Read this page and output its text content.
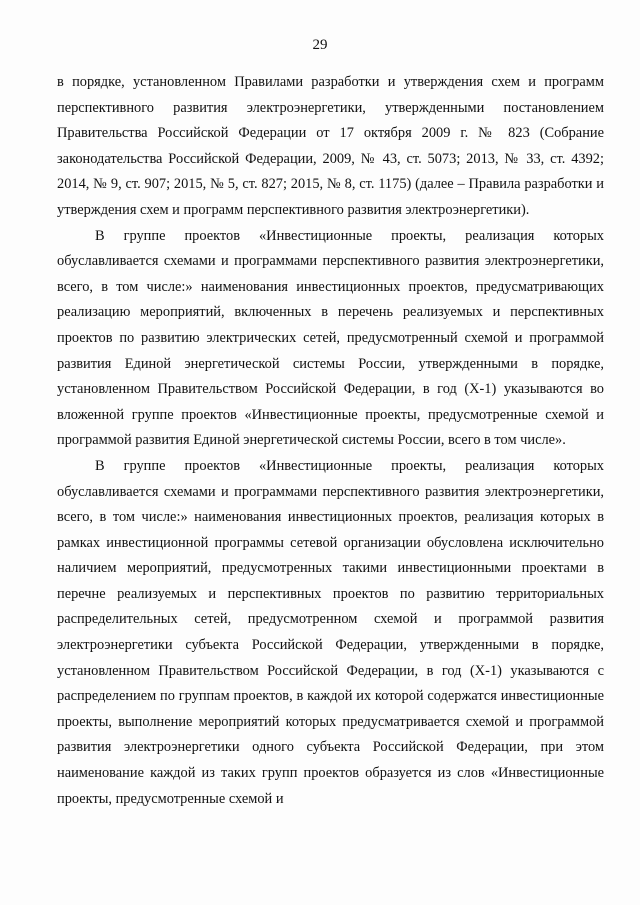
29

в порядке, установленном Правилами разработки и утверждения схем и программ перспективного развития электроэнергетики, утвержденными постановлением Правительства Российской Федерации от 17 октября 2009 г. № 823 (Собрание законодательства Российской Федерации, 2009, № 43, ст. 5073; 2013, № 33, ст. 4392; 2014, № 9, ст. 907; 2015, № 5, ст. 827; 2015, № 8, ст. 1175) (далее – Правила разработки и утверждения схем и программ перспективного развития электроэнергетики).

В группе проектов «Инвестиционные проекты, реализация которых обуславливается схемами и программами перспективного развития электроэнергетики, всего, в том числе:» наименования инвестиционных проектов, предусматривающих реализацию мероприятий, включенных в перечень реализуемых и перспективных проектов по развитию электрических сетей, предусмотренный схемой и программой развития Единой энергетической системы России, утвержденными в порядке, установленном Правительством Российской Федерации, в год (Х-1) указываются во вложенной группе проектов «Инвестиционные проекты, предусмотренные схемой и программой развития Единой энергетической системы России, всего в том числе».

В группе проектов «Инвестиционные проекты, реализация которых обуславливается схемами и программами перспективного развития электроэнергетики, всего, в том числе:» наименования инвестиционных проектов, реализация которых в рамках инвестиционной программы сетевой организации обусловлена исключительно наличием мероприятий, предусмотренных такими инвестиционными проектами в перечне реализуемых и перспективных проектов по развитию территориальных распределительных сетей, предусмотренном схемой и программой развития электроэнергетики субъекта Российской Федерации, утвержденными в порядке, установленном Правительством Российской Федерации, в год (Х-1) указываются с распределением по группам проектов, в каждой их которой содержатся инвестиционные проекты, выполнение мероприятий которых предусматривается схемой и программой развития электроэнергетики одного субъекта Российской Федерации, при этом наименование каждой из таких групп проектов образуется из слов «Инвестиционные проекты, предусмотренные схемой и
